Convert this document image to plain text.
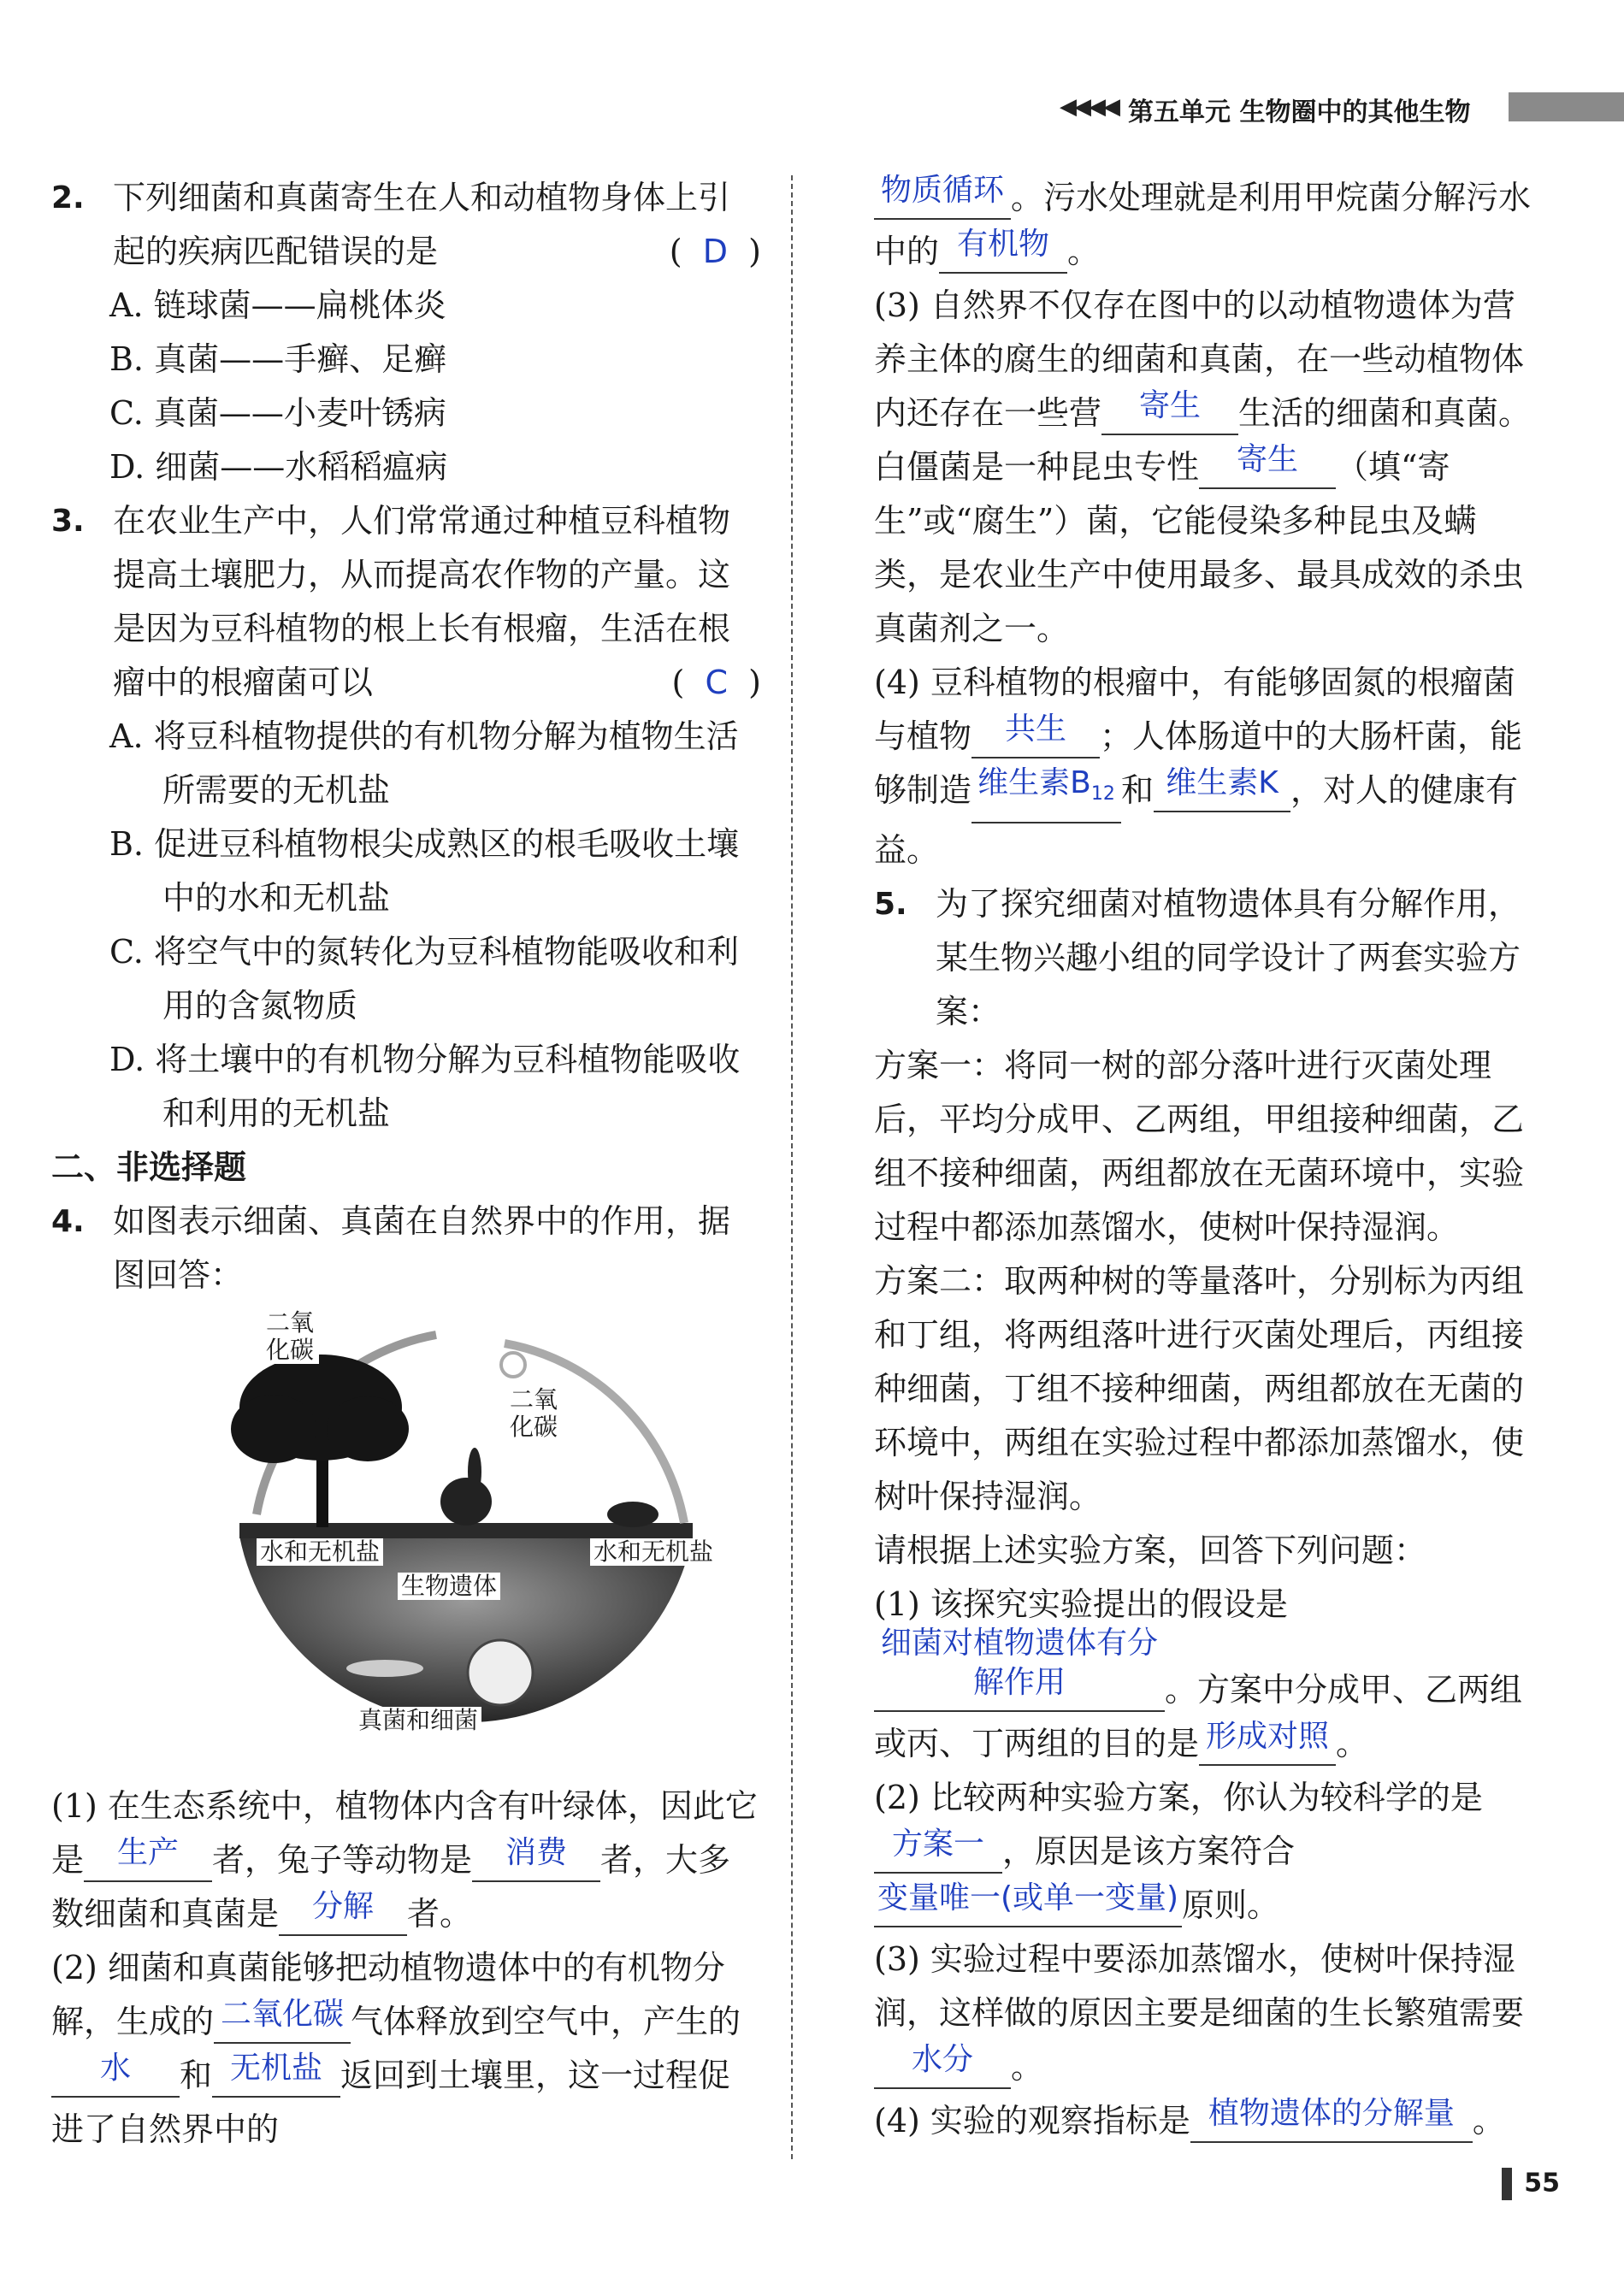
◀◀◀◀ 第五单元 生物圈中的其他生物
2. 下列细菌和真菌寄生在人和动植物身体上引起的疾病匹配错误的是	(  D  )
A. 链球菌——扁桃体炎
B. 真菌——手癣、足癣
C. 真菌——小麦叶锈病
D. 细菌——水稻稻瘟病
3. 在农业生产中，人们常常通过种植豆科植物提高土壤肥力，从而提高农作物的产量。这是因为豆科植物的根上长有根瘤，生活在根瘤中的根瘤菌可以	(  C  )
A. 将豆科植物提供的有机物分解为植物生活所需要的无机盐
B. 促进豆科植物根尖成熟区的根毛吸收土壤中的水和无机盐
C. 将空气中的氮转化为豆科植物能吸收和利用的含氮物质
D. 将土壤中的有机物分解为豆科植物能吸收和利用的无机盐
二、非选择题
4. 如图表示细菌、真菌在自然界中的作用，据图回答：
二氧化碳
二氧化碳
水和无机盐	水和无机盐
生物遗体
真菌和细菌
(1) 在生态系统中，植物体内含有叶绿体，因此它是 生产 者，兔子等动物是 消费 者，大多数细菌和真菌是 分解 者。
(2) 细菌和真菌能够把动植物遗体中的有机物分解，生成的 二氧化碳 气体释放到空气中，产生的水 和 无机盐 返回到土壤里，这一过程促进了自然界中的
物质循环 。污水处理就是利用甲烷菌分解污水中的 有机物 。
(3) 自然界不仅存在图中的以动植物遗体为营养主体的腐生的细菌和真菌，在一些动植物体内还存在一些营 寄生 生活的细菌和真菌。白僵菌是一种昆虫专性 寄生 （填“寄生”或“腐生”）菌，它能侵染多种昆虫及螨类，是农业生产中使用最多、最具成效的杀虫真菌剂之一。
(4) 豆科植物的根瘤中，有能够固氮的根瘤菌与植物 共生 ；人体肠道中的大肠杆菌，能够制造 维生素$B_{12}$ 和 维生素K ，对人的健康有益。
5. 为了探究细菌对植物遗体具有分解作用，某生物兴趣小组的同学设计了两套实验方案：
方案一：将同一树的部分落叶进行灭菌处理后，平均分成甲、乙两组，甲组接种细菌，乙组不接种细菌，两组都放在无菌环境中，实验过程中都添加蒸馏水，使树叶保持湿润。
方案二：取两种树的等量落叶，分别标为丙组和丁组，将两组落叶进行灭菌处理后，丙组接种细菌，丁组不接种细菌，两组都放在无菌的环境中，两组在实验过程中都添加蒸馏水，使树叶保持湿润。
请根据上述实验方案，回答下列问题：
(1) 该探究实验提出的假设是细菌对植物遗体有分解作用	。方案中分成甲、乙两组或丙、丁两组的目的是 形成对照 。
(2) 比较两种实验方案，你认为较科学的是方案一 ，原因是该方案符合变量唯一(或单一变量) 原则。
(3) 实验过程中要添加蒸馏水，使树叶保持湿润，这样做的原因主要是细菌的生长繁殖需要水分 。
(4) 实验的观察指标是 植物遗体的分解量 。
55
